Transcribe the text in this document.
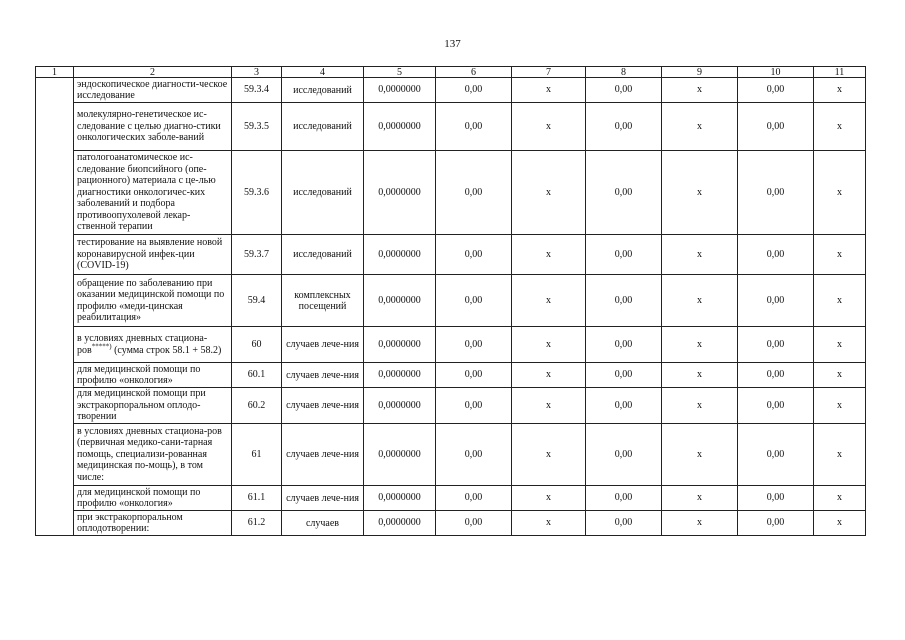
137
1	2	3	4	5	6	7	8	9	10	11
	эндоскопическое диагности-ческое исследование	59.3.4	исследований	0,0000000	0,00	x	0,00	x	0,00	x
	молекулярно-генетическое ис-следование с целью диагно-стики онкологических заболе-ваний	59.3.5	исследований	0,0000000	0,00	x	0,00	x	0,00	x
	патологоанатомическое ис-следование биопсийного (опе-рационного) материала с це-лью диагностики онкологичес-ких заболеваний и подбора противоопухолевой лекар-ственной терапии	59.3.6	исследований	0,0000000	0,00	x	0,00	x	0,00	x
	тестирование на выявление новой коронавирусной инфек-ции (COVID-19)	59.3.7	исследований	0,0000000	0,00	x	0,00	x	0,00	x
	обращение по заболеванию при оказании медицинской помощи по профилю «меди-цинская реабилитация»	59.4	комплексных посещений	0,0000000	0,00	x	0,00	x	0,00	x
	в условиях дневных стациона-ров*****) (сумма строк 58.1 + 58.2)	60	случаев лече-ния	0,0000000	0,00	x	0,00	x	0,00	x
	для медицинской помощи по профилю «онкология»	60.1	случаев лече-ния	0,0000000	0,00	x	0,00	x	0,00	x
	для медицинской помощи при экстракорпоральном оплодо-творении	60.2	случаев лече-ния	0,0000000	0,00	x	0,00	x	0,00	x
	в условиях дневных стациона-ров (первичная медико-сани-тарная помощь, специализи-рованная медицинская по-мощь), в том числе:	61	случаев лече-ния	0,0000000	0,00	x	0,00	x	0,00	x
	для медицинской помощи по профилю «онкология»	61.1	случаев лече-ния	0,0000000	0,00	x	0,00	x	0,00	x
	при экстракорпоральном оплодотворении:	61.2	случаев	0,0000000	0,00	x	0,00	x	0,00	x
